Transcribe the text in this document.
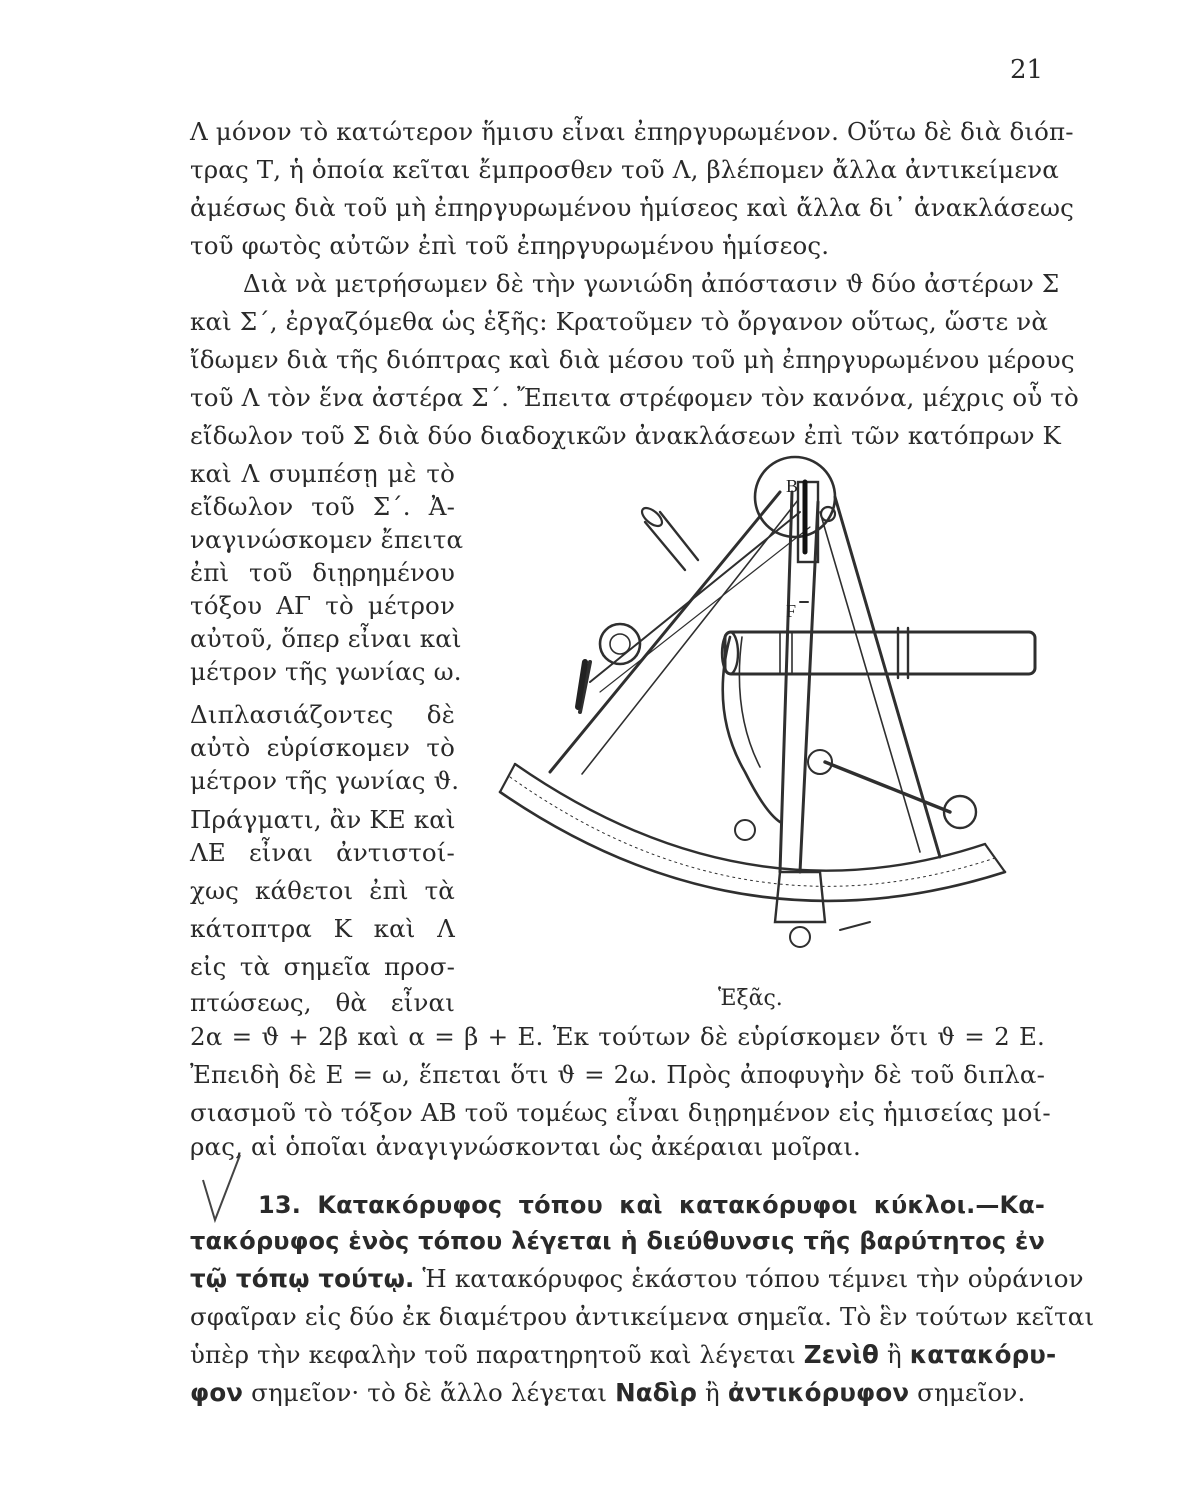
21
Λ μόνον τὸ κατώτερον ἥμισυ εἶναι ἐπηργυρωμένον. Οὕτω δὲ διὰ διόπ-
τρας Τ, ἡ ὁποία κεῖται ἔμπροσθεν τοῦ Λ, βλέπομεν ἄλλα ἀντικείμενα
ἀμέσως διὰ τοῦ μὴ ἐπηργυρωμένου ἡμίσεος καὶ ἄλλα δι᾽ ἀνακλάσεως
τοῦ φωτὸς αὐτῶν ἐπὶ τοῦ ἐπηργυρωμένου ἡμίσεος.
Διὰ νὰ μετρήσωμεν δὲ τὴν γωνιώδη ἀπόστασιν ϑ δύο ἀστέρων Σ
καὶ Σ΄, ἐργαζόμεθα ὡς ἑξῆς: Κρατοῦμεν τὸ ὄργανον οὕτως, ὥστε νὰ
ἴδωμεν διὰ τῆς διόπτρας καὶ διὰ μέσου τοῦ μὴ ἐπηργυρωμένου μέρους
τοῦ Λ τὸν ἕνα ἀστέρα Σ΄. Ἔπειτα στρέφομεν τὸν κανόνα, μέχρις οὗ τὸ
εἴδωλον τοῦ Σ διὰ δύο διαδοχικῶν ἀνακλάσεων ἐπὶ τῶν κατόπρων Κ
καὶ Λ συμπέσῃ μὲ τὸ
εἴδωλον τοῦ Σ΄. Ἀ-
ναγινώσκομεν ἔπειτα
ἐπὶ τοῦ διῃρημένου
τόξου ΑΓ τὸ μέτρον
αὐτοῦ, ὅπερ εἶναι καὶ
μέτρον τῆς γωνίας ω.
Διπλασιάζοντες δὲ
αὐτὸ εὑρίσκομεν τὸ
μέτρον τῆς γωνίας ϑ.
Πράγματι, ἂν ΚΕ καὶ
ΛΕ εἶναι ἀντιστοί-
χως κάθετοι ἐπὶ τὰ
κάτοπτρα Κ καὶ Λ
εἰς τὰ σημεῖα προσ-
πτώσεως, θὰ εἶναι
B
F
Ἑξᾶς.
2α = ϑ + 2β καὶ α = β + Ε. Ἐκ τούτων δὲ εὑρίσκομεν ὅτι ϑ = 2 Ε.
Ἐπειδὴ δὲ Ε = ω, ἕπεται ὅτι ϑ = 2ω. Πρὸς ἀποφυγὴν δὲ τοῦ διπλα-
σιασμοῦ τὸ τόξον ΑΒ τοῦ τομέως εἶναι διῃρημένον εἰς ἡμισείας μοί-
ρας, αἱ ὁποῖαι ἀναγιγνώσκονται ὡς ἀκέραιαι μοῖραι.
13. Κατακόρυφος τόπου καὶ κατακόρυφοι κύκλοι.—Κα-
τακόρυφος ἑνὸς τόπου λέγεται ἡ διεύθυνσις τῆς βαρύτητος ἐν
τῷ τόπῳ τούτῳ. Ἡ κατακόρυφος ἑκάστου τόπου τέμνει τὴν οὐράνιον
σφαῖραν εἰς δύο ἐκ διαμέτρου ἀντικείμενα σημεῖα. Τὸ ἓν τούτων κεῖται
ὑπὲρ τὴν κεφαλὴν τοῦ παρατηρητοῦ καὶ λέγεται Ζενὶθ ἢ κατακόρυ-
φον σημεῖον· τὸ δὲ ἄλλο λέγεται Ναδὶρ ἢ ἀντικόρυφον σημεῖον.
